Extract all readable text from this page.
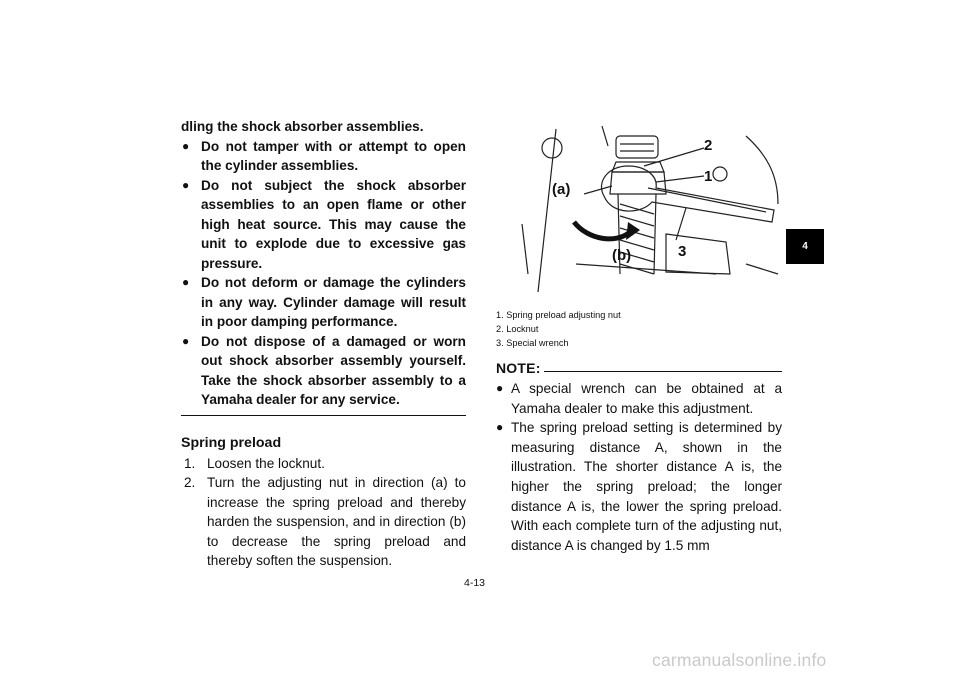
dling the shock absorber assemblies.
● Do not tamper with or attempt to open the cylinder assemblies.
● Do not subject the shock absorber assemblies to an open flame or other high heat source. This may cause the unit to explode due to excessive gas pressure.
● Do not deform or damage the cylinders in any way. Cylinder damage will result in poor damping performance.
● Do not dispose of a damaged or worn out shock absorber assembly yourself. Take the shock absorber assembly to a Yamaha dealer for any service.
Spring preload
1. Loosen the locknut.
2. Turn the adjusting nut in direction (a) to increase the spring preload and thereby harden the suspension, and in direction (b) to decrease the spring preload and thereby soften the suspension.
2
1
3
(a)
(b)
1. Spring preload adjusting nut
2. Locknut
3. Special wrench
NOTE:
● A special wrench can be obtained at a Yamaha dealer to make this adjustment.
● The spring preload setting is determined by measuring distance A, shown in the illustration. The shorter distance A is, the higher the spring preload; the longer distance A is, the lower the spring preload. With each complete turn of the adjusting nut, distance A is changed by 1.5 mm
4-13
4
carmanualsonline.info
